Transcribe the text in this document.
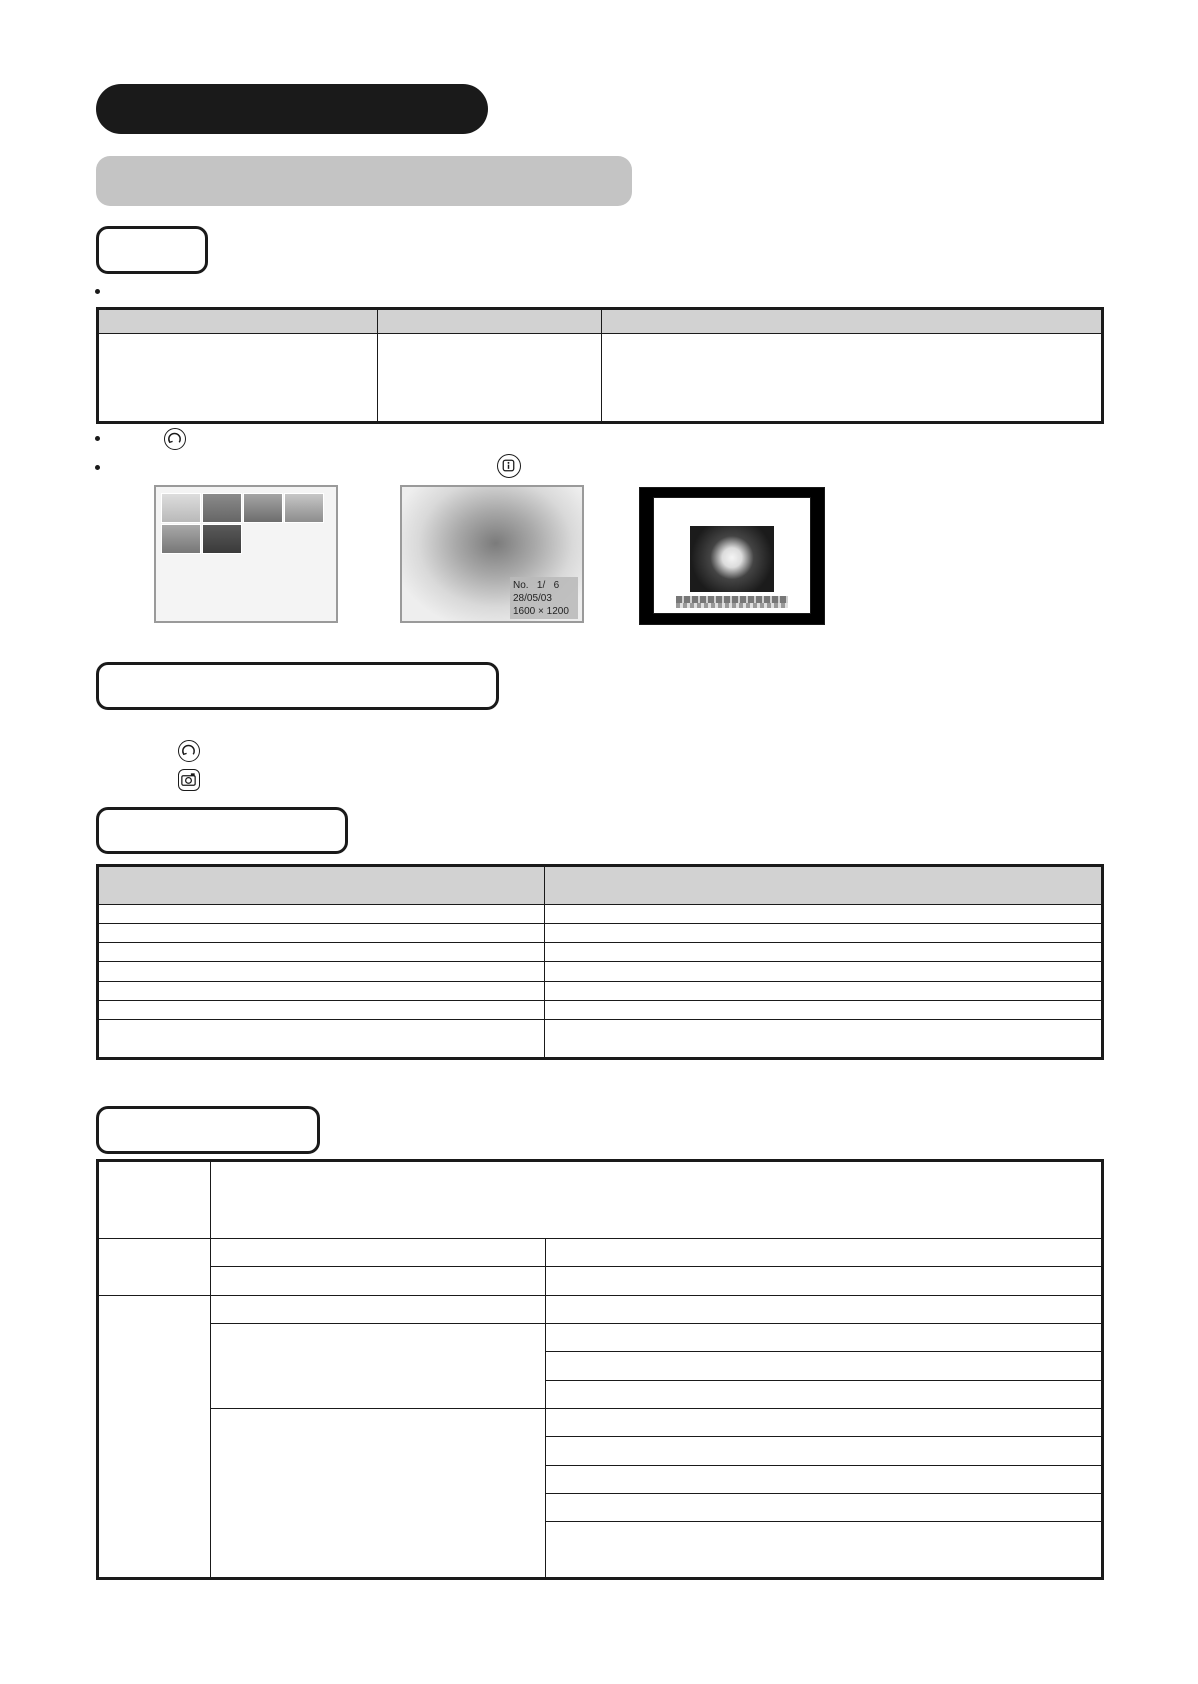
No.   1/   6
28/05/03
1600 × 1200
